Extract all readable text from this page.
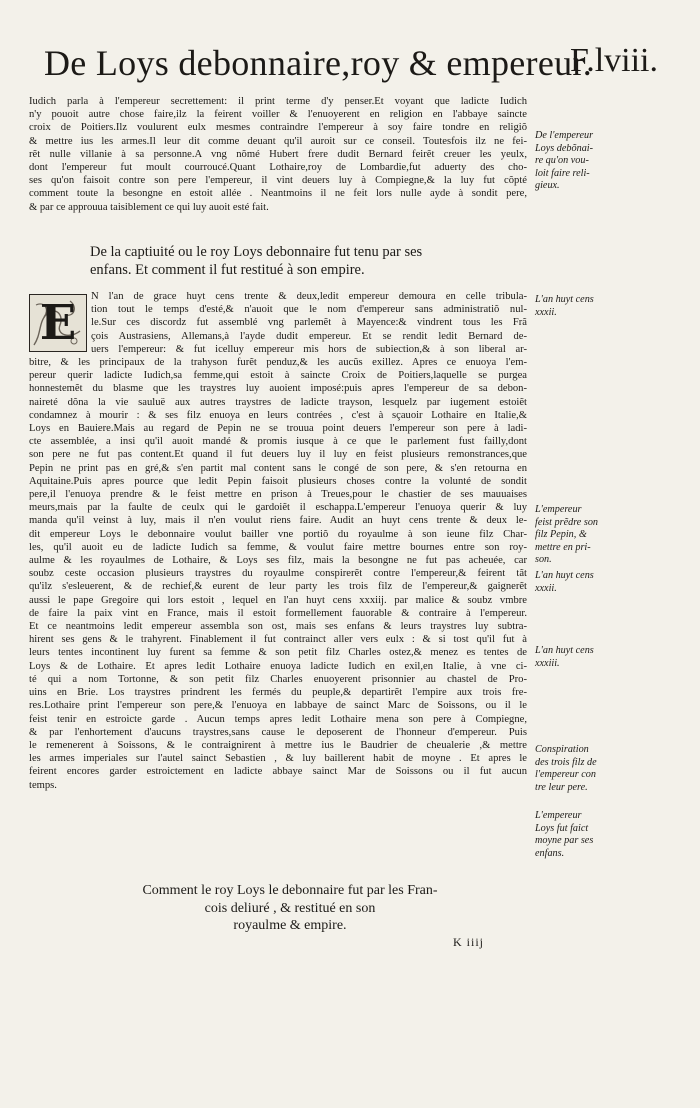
De Loys debonnaire,roy & empereur.
F.lviii.
Iudich parla à l'empereur secrettement: il print terme d'y penser.Et voyant que ladicte Iudich
n'y pouoit autre chose faire,ilz la feirent voiller & l'enuoyerent en religion en l'abbaye saincte
croix de Poitiers.Ilz voulurent eulx mesmes contraindre l'empereur à soy faire tondre en religiõ
& mettre ius les armes.Il leur dit comme deuant qu'il auroit sur ce conseil. Toutesfois ilz ne fei-
rẽt nulle villanie à sa personne.A vng nõmé Hubert frere dudit Bernard feirẽt creuer les yeulx,
dont l'empereur fut moult courroucé.Quant Lothaire,roy de Lombardie,fut aduerty des cho-
ses qu'on faisoit contre son pere l'empereur, il vint deuers luy à Compiegne,& la luy fut cõpté
comment toute la besongne en estoit allée . Neantmoins il ne feit lors nulle ayde à sondit pere,
& par ce approuua taisiblement ce qui luy auoit esté fait.
De la captiuité ou le roy Loys debonnaire fut tenu par ses
enfans. Et comment il fut restitué à son empire.
E	N l'an de grace huyt cens trente & deux,ledit empereur demoura en celle tribula-
tion tout le temps d'esté,& n'auoit que le nom d'empereur sans administratiõ nul-
le.Sur ces discordz fut assemblé vng parlemẽt à Mayence:& vindrent tous les Frã
çois Austrasiens, Allemans,à l'ayde dudit empereur. Et se rendit ledit Bernard de-
uers l'empereur: & fut icelluy empereur mis hors de subiection,& à son liberal ar-
bitre, & les principaux de la trahyson furẽt penduz,& les aucũs exillez. Apres ce enuoya l'em-
pereur querir ladicte Iudich,sa femme,qui estoit à saincte Croix de Poitiers,laquelle se purgea
honnestemẽt du blasme que les traystres luy auoient imposé:puis apres l'empereur de sa debon-
naireté dõna la vie sauluë aux autres traystres de ladicte trayson, lesquelz par iugement estoiẽt
condamnez à mourir : & ses filz enuoya en leurs contrées , c'est à sçauoir Lothaire en Italie,&
Loys en Bauiere.Mais au regard de Pepin ne se trouua point deuers l'empereur son pere à ladi-
cte assemblée, a insi qu'il auoit mandé & promis iusque à ce que le parlement fust failly,dont
son pere ne fut pas content.Et quand il fut deuers luy il luy en feist plusieurs remonstrances,que
Pepin ne print pas en gré,& s'en partit mal content sans le congé de son pere, & s'en retourna en
Aquitaine.Puis apres pource que ledit Pepin faisoit plusieurs choses contre la volunté de sondit
pere,il l'enuoya prendre & le feist mettre en prison à Treues,pour le chastier de ses mauuaises
meurs,mais par la faulte de ceulx qui le gardoiẽt il eschappa.L'empereur l'enuoya querir & luy
manda qu'il veinst à luy, mais il n'en voulut riens faire. Audit an huyt cens trente & deux le-
dit empereur Loys le debonnaire voulut bailler vne portiõ du royaulme à son ieune filz Char-
les, qu'il auoit eu de ladicte Iudich sa femme, & voulut faire mettre bournes entre son roy-
aulme & les royaulmes de Lothaire, & Loys ses filz, mais la besongne ne fut pas acheuée, car
soubz ceste occasion plusieurs traystres du royaulme conspirerẽt contre l'empereur,& feirent tãt
qu'ilz s'esleuerent, & de rechief,& eurent de leur party les trois filz de l'empereur,& gaignerẽt
aussi le pape Gregoire qui lors estoit , lequel en l'an huyt cens xxxiij. par malice & soubz vmbre
de faire la paix vint en France, mais il estoit formellement fauorable & contraire à l'empereur.
Et ce neantmoins ledit empereur assembla son ost, mais ses enfans & leurs traystres luy subtra-
hirent ses gens & le trahyrent. Finablement il fut contrainct aller vers eulx : & si tost qu'il fut à
leurs tentes incontinent luy furent sa femme & son petit filz Charles ostez,& menez es tentes de
Loys & de Lothaire. Et apres ledit Lothaire enuoya ladicte Iudich en exil,en Italie, à vne ci-
té qui a nom Tortonne, & son petit filz Charles enuoyerent prisonnier au chastel de Pro-
uins en Brie. Los traystres prindrent les fermés du peuple,& departirẽt l'empire aux trois fre-
res.Lothaire print l'empereur son pere,& l'enuoya en labbaye de sainct Marc de Soissons, ou il le
feist tenir en estroicte garde . Aucun temps apres ledit Lothaire mena son pere à Compiegne,
& par l'enhortement d'aucuns traystres,sans cause le deposerent de l'honneur d'empereur. Puis
le remenerent à Soissons, & le contraignirent à mettre ius le Baudrier de cheualerie ,& mettre
les armes imperiales sur l'autel sainct Sebastien , & luy baillerent habit de moyne . Et apres le
feirent encores garder estroictement en ladicte abbaye sainct Mar de Soissons ou il fut aucun
temps.
De l'empereur
Loys debõnai-
re qu'on vou-
loit faire reli-
gieux.
L'an huyt cens
xxxii.
L'empereur
feist prẽdre son
filz Pepin, &
mettre en pri-
son.
L'an huyt cens
xxxii.
L'an huyt cens
xxxiii.
Conspiration
des trois filz de
l'empereur con
tre leur pere.
L'empereur
Loys fut faict
moyne par ses
enfans.
Comment le roy Loys le debonnaire fut par les Fran-
cois deliuré , & restitué en son
royaulme & empire.
K iiij
